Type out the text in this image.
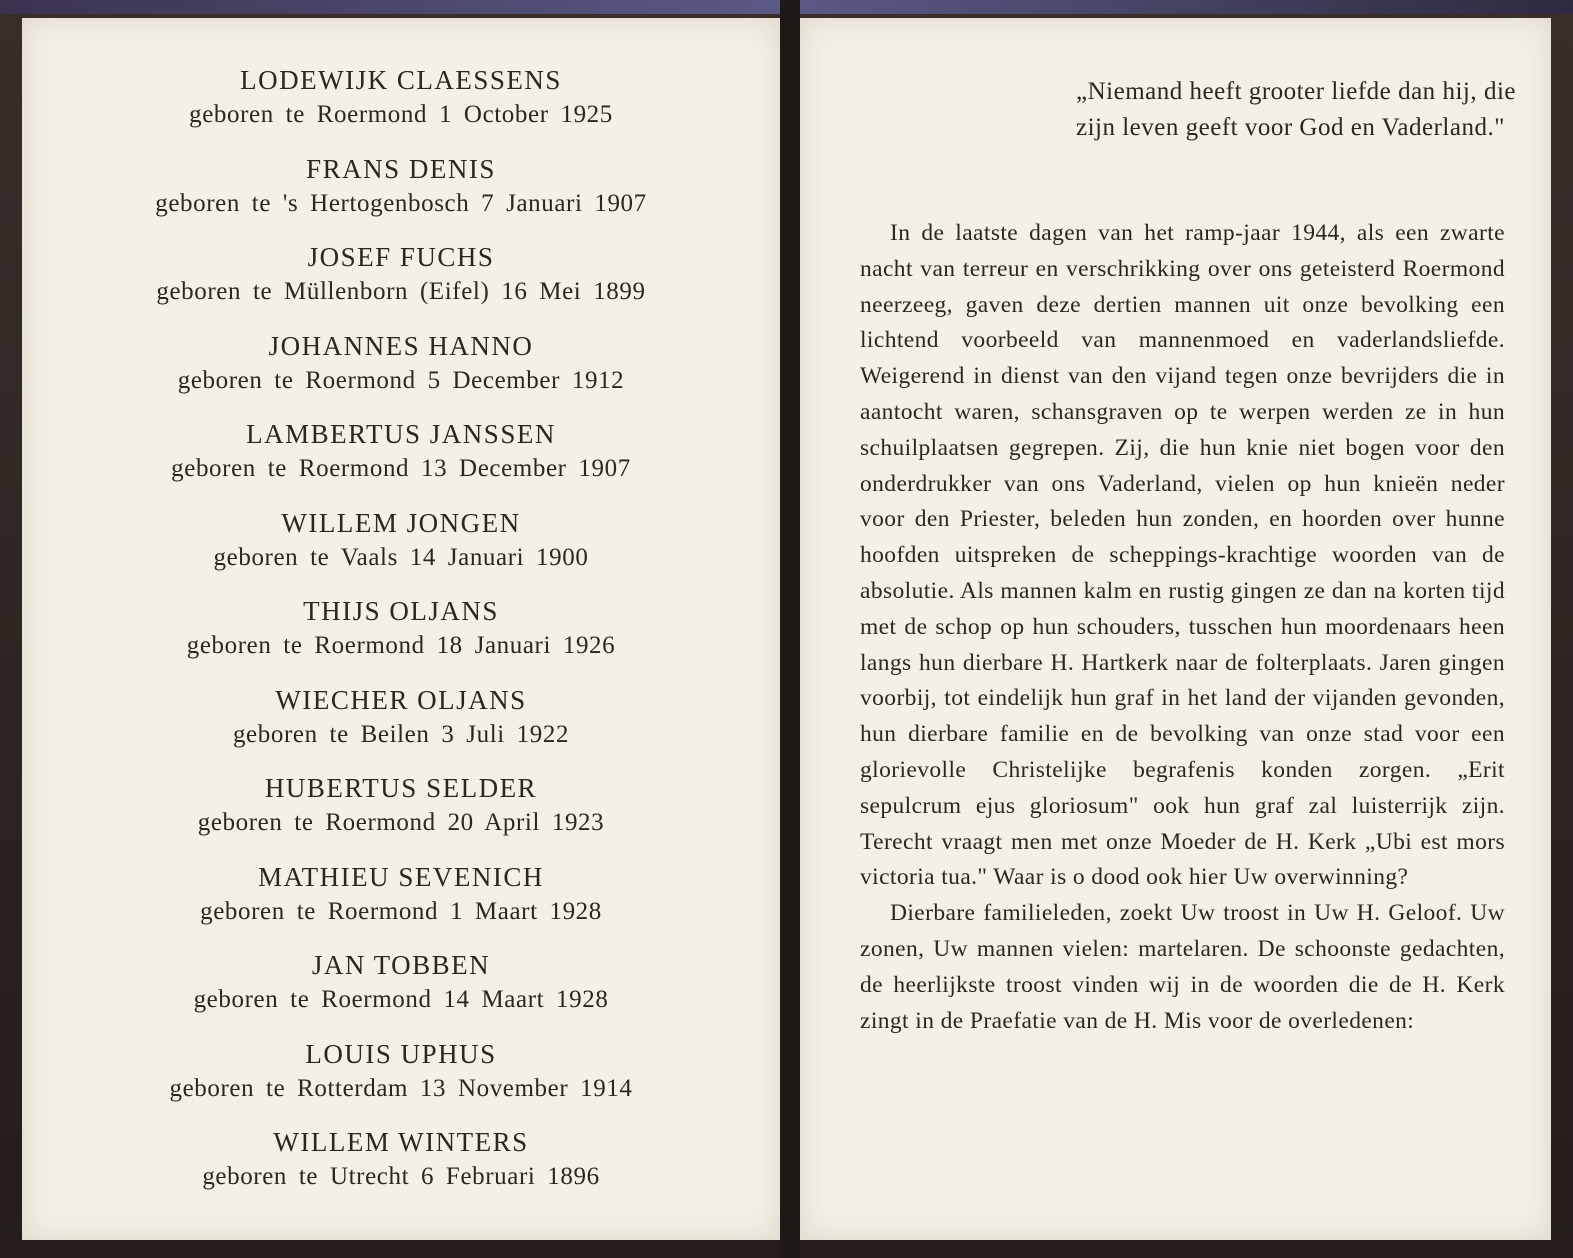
LODEWIJK CLAESSENS
geboren te Roermond 1 October 1925
FRANS DENIS
geboren te 's Hertogenbosch 7 Januari 1907
JOSEF FUCHS
geboren te Müllenborn (Eifel) 16 Mei 1899
JOHANNES HANNO
geboren te Roermond 5 December 1912
LAMBERTUS JANSSEN
geboren te Roermond 13 December 1907
WILLEM JONGEN
geboren te Vaals 14 Januari 1900
THIJS OLJANS
geboren te Roermond 18 Januari 1926
WIECHER OLJANS
geboren te Beilen 3 Juli 1922
HUBERTUS SELDER
geboren te Roermond 20 April 1923
MATHIEU SEVENICH
geboren te Roermond 1 Maart 1928
JAN TOBBEN
geboren te Roermond 14 Maart 1928
LOUIS UPHUS
geboren te Rotterdam 13 November 1914
WILLEM WINTERS
geboren te Utrecht 6 Februari 1896

„Niemand heeft grooter liefde dan hij, die zijn leven geeft voor God en Vaderland."

In de laatste dagen van het ramp-jaar 1944, als een zwarte nacht van terreur en verschrikking over ons geteisterd Roermond neerzeeg, gaven deze dertien mannen uit onze bevolking een lichtend voorbeeld van mannenmoed en vaderlandsliefde. Weigerend in dienst van den vijand tegen onze bevrijders die in aantocht waren, schansgraven op te werpen werden ze in hun schuilplaatsen gegrepen. Zij, die hun knie niet bogen voor den onderdrukker van ons Vaderland, vielen op hun knieën neder voor den Priester, beleden hun zonden, en hoorden over hunne hoofden uitspreken de scheppings-krachtige woorden van de absolutie. Als mannen kalm en rustig gingen ze dan na korten tijd met de schop op hun schouders, tusschen hun moordenaars heen langs hun dierbare H. Hartkerk naar de folterplaats. Jaren gingen voorbij, tot eindelijk hun graf in het land der vijanden gevonden, hun dierbare familie en de bevolking van onze stad voor een glorievolle Christelijke begrafenis konden zorgen. „Erit sepulcrum ejus gloriosum" ook hun graf zal luisterrijk zijn. Terecht vraagt men met onze Moeder de H. Kerk „Ubi est mors victoria tua." Waar is o dood ook hier Uw overwinning?

Dierbare familieleden, zoekt Uw troost in Uw H. Geloof. Uw zonen, Uw mannen vielen: martelaren. De schoonste gedachten, de heerlijkste troost vinden wij in de woorden die de H. Kerk zingt in de Praefatie van de H. Mis voor de overledenen:
